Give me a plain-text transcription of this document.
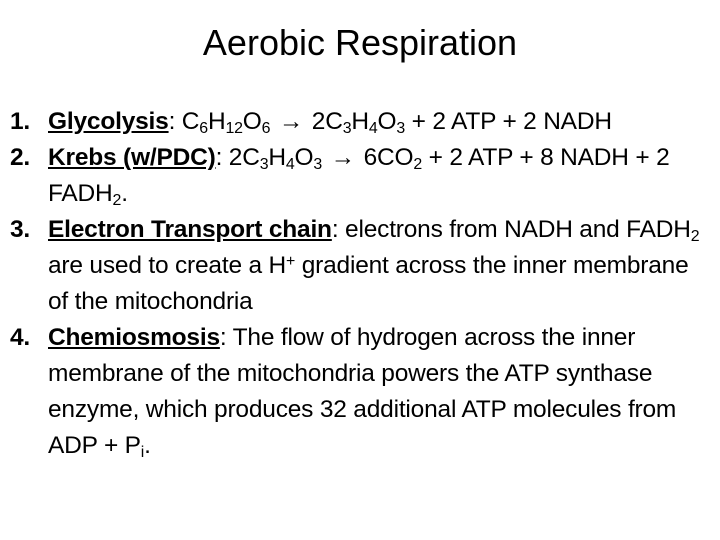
Aerobic Respiration
1. Glycolysis: $C_6H_{12}O_6 \to 2C_3H_4O_3 + 2$ ATP + 2 NADH
2. Krebs (w/PDC): $2C_3H_4O_3 \to 6CO_2 + 2$ ATP + 8 NADH + 2 $FADH_2$.
3. Electron Transport chain: electrons from NADH and $FADH_2$ are used to create a H+ gradient across the inner membrane of the mitochondria
4. Chemiosmosis: The flow of hydrogen across the inner membrane of the mitochondria powers the ATP synthase enzyme, which produces 32 additional ATP molecules from ADP + $P_i$.
